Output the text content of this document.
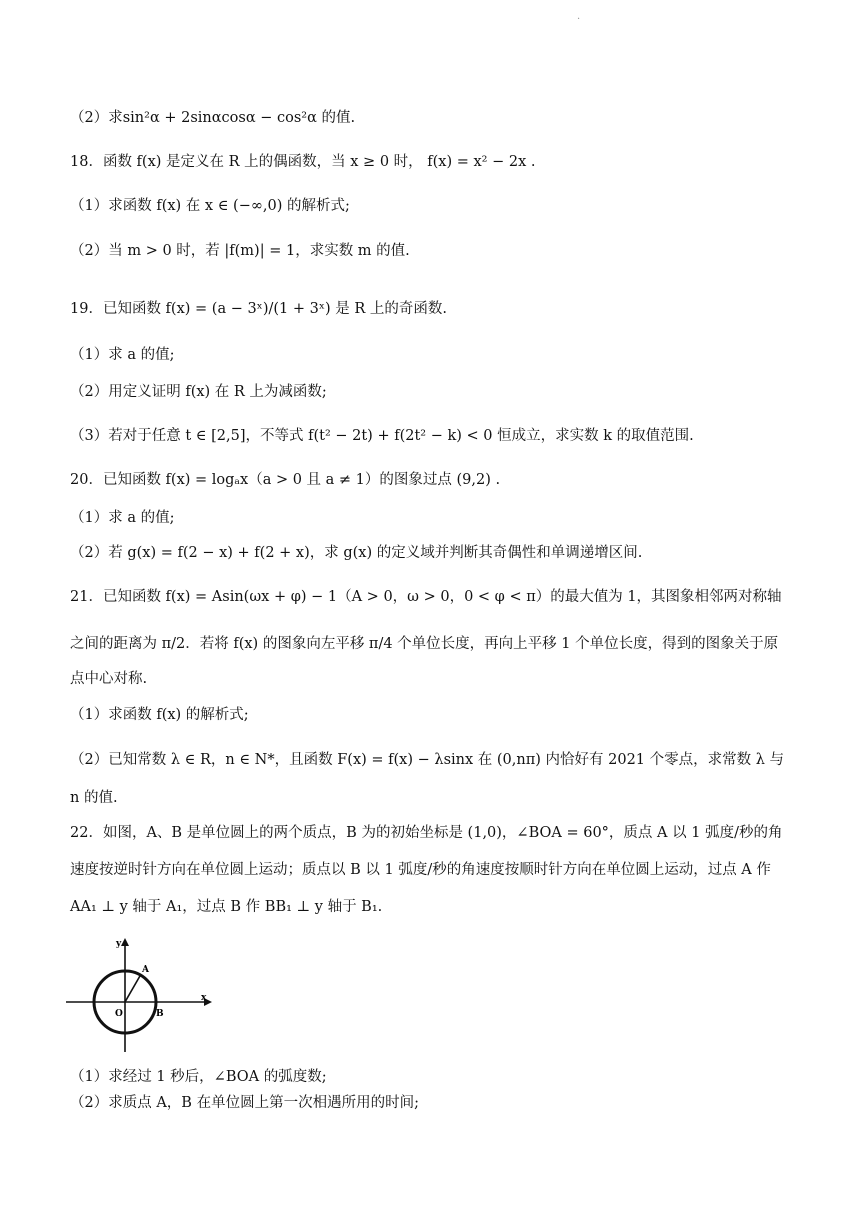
·
（2）求sin²α + 2sinαcosα − cos²α 的值.
18．函数 f(x) 是定义在 R 上的偶函数，当 x ≥ 0 时， f(x) = x² − 2x .
（1）求函数 f(x) 在 x ∈ (−∞,0) 的解析式;
（2）当 m > 0 时，若 |f(m)| = 1，求实数 m 的值.
19．已知函数 f(x) = (a − 3ˣ)/(1 + 3ˣ) 是 R 上的奇函数.
（1）求 a 的值;
（2）用定义证明 f(x) 在 R 上为减函数;
（3）若对于任意 t ∈ [2,5]，不等式 f(t² − 2t) + f(2t² − k) < 0 恒成立，求实数 k 的取值范围.
20．已知函数 f(x) = logₐx（a > 0 且 a ≠ 1）的图象过点 (9,2) .
（1）求 a 的值;
（2）若 g(x) = f(2 − x) + f(2 + x)，求 g(x) 的定义域并判断其奇偶性和单调递增区间.
21．已知函数 f(x) = Asin(ωx + φ) − 1（A > 0，ω > 0，0 < φ < π）的最大值为 1，其图象相邻两对称轴
之间的距离为 π/2．若将 f(x) 的图象向左平移 π/4 个单位长度，再向上平移 1 个单位长度，得到的图象关于原
点中心对称.
（1）求函数 f(x) 的解析式;
（2）已知常数 λ ∈ R，n ∈ N*，且函数 F(x) = f(x) − λsinx 在 (0,nπ) 内恰好有 2021 个零点，求常数 λ 与
n 的值.
22．如图，A、B 是单位圆上的两个质点，B 为的初始坐标是 (1,0)，∠BOA = 60°，质点 A 以 1 弧度/秒的角
速度按逆时针方向在单位圆上运动；质点以 B 以 1 弧度/秒的角速度按顺时针方向在单位圆上运动，过点 A 作
AA₁ ⊥ y 轴于 A₁，过点 B 作 BB₁ ⊥ y 轴于 B₁.
y
x
O
A
B
（1）求经过 1 秒后，∠BOA 的弧度数;
（2）求质点 A，B 在单位圆上第一次相遇所用的时间;
